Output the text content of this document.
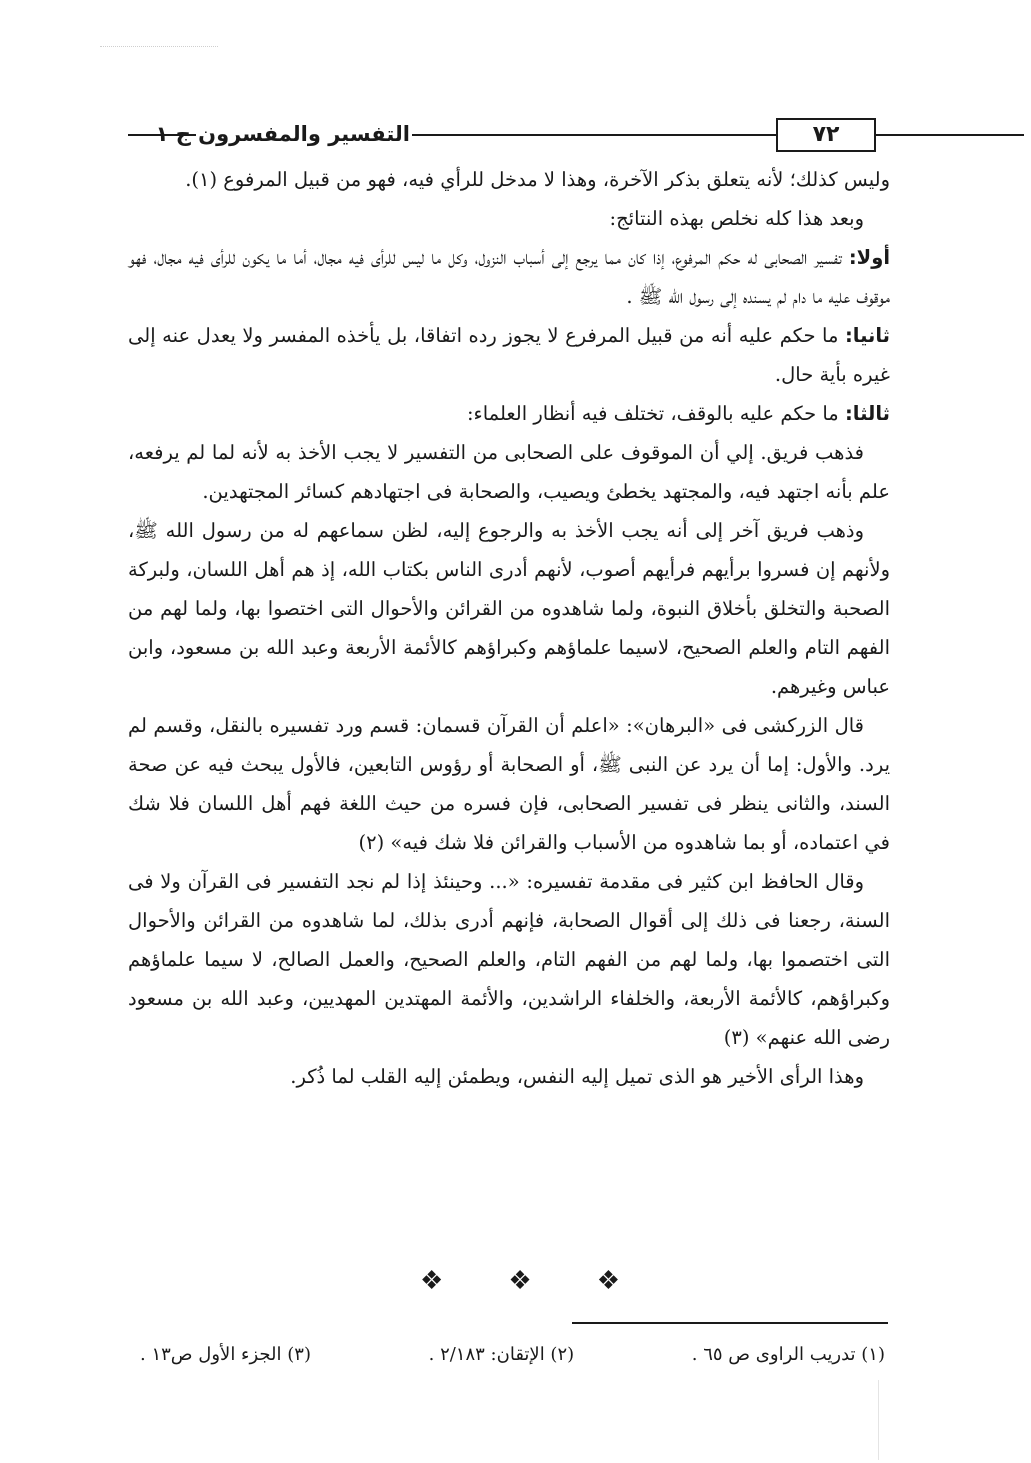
التفسير والمفسرون ج ١	٧٢

وليس كذلك؛ لأنه يتعلق بذكر الآخرة، وهذا لا مدخل للرأي فيه، فهو من قبيل المرفوع (١).

وبعد هذا كله نخلص بهذه النتائج:

أولا: تفسير الصحابى له حكم المرفوع، إذا كان مما يرجع إلى أسباب النزول، وكل ما ليس للرأى فيه مجال، أما ما يكون للرأى فيه مجال، فهو موقوف عليه ما دام لم يسنده إلى رسول الله ﷺ .

ثانيا: ما حكم عليه أنه من قبيل المرفرع لا يجوز رده اتفاقا، بل يأخذه المفسر ولا يعدل عنه إلى غيره بأية حال.

ثالثا: ما حكم عليه بالوقف، تختلف فيه أنظار العلماء:

فذهب فريق. إلي أن الموقوف على الصحابى من التفسير لا يجب الأخذ به لأنه لما لم يرفعه، علم بأنه اجتهد فيه، والمجتهد يخطئ ويصيب، والصحابة فى اجتهادهم كسائر المجتهدين.

وذهب فريق آخر إلى أنه يجب الأخذ به والرجوع إليه، لظن سماعهم له من رسول الله ﷺ، ولأنهم إن فسروا برأيهم فرأيهم أصوب، لأنهم أدرى الناس بكتاب الله، إذ هم أهل اللسان، ولبركة الصحبة والتخلق بأخلاق النبوة، ولما شاهدوه من القرائن والأحوال التى اختصوا بها، ولما لهم من الفهم التام والعلم الصحيح، لاسيما علماؤهم وكبراؤهم كالأئمة الأربعة وعبد الله بن مسعود، وابن عباس وغيرهم.

قال الزركشى فى «البرهان»: «اعلم أن القرآن قسمان: قسم ورد تفسيره بالنقل، وقسم لم يرد. والأول: إما أن يرد عن النبى ﷺ، أو الصحابة أو رؤوس التابعين، فالأول يبحث فيه عن صحة السند، والثانى ينظر فى تفسير الصحابى، فإن فسره من حيث اللغة فهم أهل اللسان فلا شك في اعتماده، أو بما شاهدوه من الأسباب والقرائن فلا شك فيه» (٢)

وقال الحافظ ابن كثير فى مقدمة تفسيره: «... وحينئذ إذا لم نجد التفسير فى القرآن ولا فى السنة، رجعنا فى ذلك إلى أقوال الصحابة، فإنهم أدرى بذلك، لما شاهدوه من القرائن والأحوال التى اختصموا بها، ولما لهم من الفهم التام، والعلم الصحيح، والعمل الصالح، لا سيما علماؤهم وكبراؤهم، كالأئمة الأربعة، والخلفاء الراشدين، والأئمة المهتدين المهديين، وعبد الله بن مسعود رضى الله عنهم» (٣)

وهذا الرأى الأخير هو الذى تميل إليه النفس، ويطمئن إليه القلب لما ذُكر.

❖
❖
❖
(١) تدريب الراوى ص ٦٥ .
(٢) الإتقان: ٢/١٨٣ .
(٣) الجزء الأول ص١٣ .
